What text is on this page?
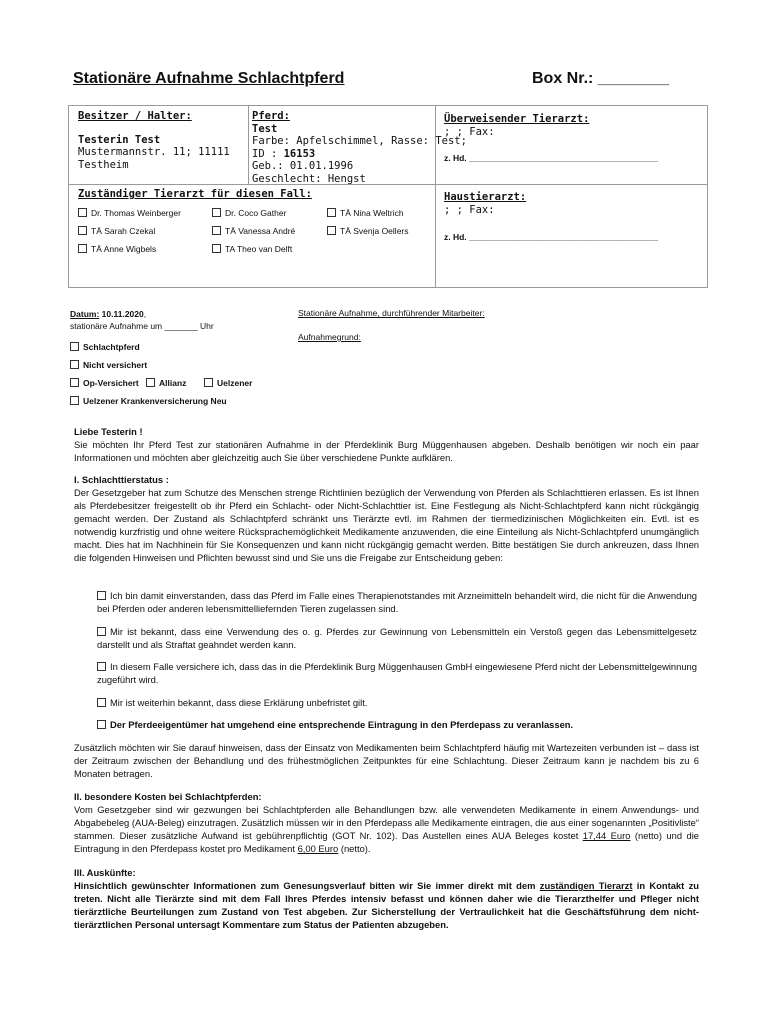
Stationäre Aufnahme Schlachtpferd	Box Nr.: ________
Besitzer / Halter:
Testerin Test
Mustermannstr. 11; 11111
Testheim
Pferd:
Test
Farbe: Apfelschimmel, Rasse: Test;
ID : 16153
Geb.: 01.01.1996
Geschlecht: Hengst
Überweisender Tierarzt:
; ; Fax:
z. Hd. ________________________________________
Haustierarzt:
; ; Fax:
z. Hd. ________________________________________
Zuständiger Tierarzt für diesen Fall:
Dr. Thomas Weinberger	Dr. Coco Gather	TÄ Nina Weltrich
TÄ Sarah Czekal	TÄ Vanessa André	TÄ Svenja Oellers
TÄ Anne Wigbels	TA Theo van Delft
Datum: 10.11.2020,
stationäre Aufnahme um _______ Uhr
Stationäre Aufnahme, durchführender Mitarbeiter:
Aufnahmegrund:
Schlachtpferd
Nicht versichert
Op-Versichert	Allianz	Uelzener
Uelzener Krankenversicherung Neu
Liebe Testerin !
Sie möchten Ihr Pferd Test zur stationären Aufnahme in der Pferdeklinik Burg Müggenhausen abgeben. Deshalb benötigen wir noch ein paar Informationen und möchten aber gleichzeitig auch Sie über verschiedene Punkte aufklären.
I. Schlachttierstatus :
Der Gesetzgeber hat zum Schutze des Menschen strenge Richtlinien bezüglich der Verwendung von Pferden als Schlachttieren erlassen. Es ist Ihnen als Pferdebesitzer freigestellt ob ihr Pferd ein Schlacht- oder Nicht-Schlachttier ist. Eine Festlegung als Nicht-Schlachtpferd kann nicht rückgängig gemacht werden. Der Zustand als Schlachtpferd schränkt uns Tierärzte evtl. im Rahmen der tiermedizinischen Möglichkeiten ein. Evtl. ist es notwendig kurzfristig und ohne weitere Rücksprachemöglichkeit Medikamente anzuwenden, die eine Einteilung als Nicht-Schlachtpferd unumgänglich macht. Dies hat im Nachhinein für Sie Konsequenzen und kann nicht rückgängig gemacht werden. Bitte bestätigen Sie durch ankreuzen, dass Ihnen die folgenden Hinweisen und Pflichten bewusst sind und Sie uns die Freigabe zur Entscheidung geben:
Ich bin damit einverstanden, dass das Pferd im Falle eines Therapienotstandes mit Arzneimitteln behandelt wird, die nicht für die Anwendung bei Pferden oder anderen lebensmittelliefernden Tieren zugelassen sind.
Mir ist bekannt, dass eine Verwendung des o. g. Pferdes zur Gewinnung von Lebensmitteln ein Verstoß gegen das Lebensmittelgesetz darstellt und als Straftat geahndet werden kann.
In diesem Falle versichere ich, dass das in die Pferdeklinik Burg Müggenhausen GmbH eingewiesene Pferd nicht der Lebensmittelgewinnung zugeführt wird.
Mir ist weiterhin bekannt, dass diese Erklärung unbefristet gilt.
Der Pferdeeigentümer hat umgehend eine entsprechende Eintragung in den Pferdepass zu veranlassen.
Zusätzlich möchten wir Sie darauf hinweisen, dass der Einsatz von Medikamenten beim Schlachtpferd häufig mit Wartezeiten verbunden ist – dass ist der Zeitraum zwischen der Behandlung und des frühestmöglichen Zeitpunktes für eine Schlachtung. Dieser Zeitraum kann je nachdem bis zu 6 Monaten betragen.
II. besondere Kosten bei Schlachtpferden:
Vom Gesetzgeber sind wir gezwungen bei Schlachtpferden alle Behandlungen bzw. alle verwendeten Medikamente in einem Anwendungs- und Abgabebeleg (AUA-Beleg) einzutragen. Zusätzlich müssen wir in den Pferdepass alle Medikamente eintragen, die aus einer sogenannten „Positivliste“ stammen. Dieser zusätzliche Aufwand ist gebührenpflichtig (GOT Nr. 102). Das Austellen eines AUA Beleges kostet 17,44 Euro (netto) und die Eintragung in den Pferdepass kostet pro Medikament 6,00 Euro (netto).
III. Auskünfte:
Hinsichtlich gewünschter Informationen zum Genesungsverlauf bitten wir Sie immer direkt mit dem zuständigen Tierarzt in Kontakt zu treten. Nicht alle Tierärzte sind mit dem Fall Ihres Pferdes intensiv befasst und können daher wie die Tierarzthelfer und Pfleger nicht tierärztliche Beurteilungen zum Zustand von Test abgeben. Zur Sicherstellung der Vertraulichkeit hat die Geschäftsführung dem nicht-tierärztlichen Personal untersagt Kommentare zum Status der Patienten abzugeben.
